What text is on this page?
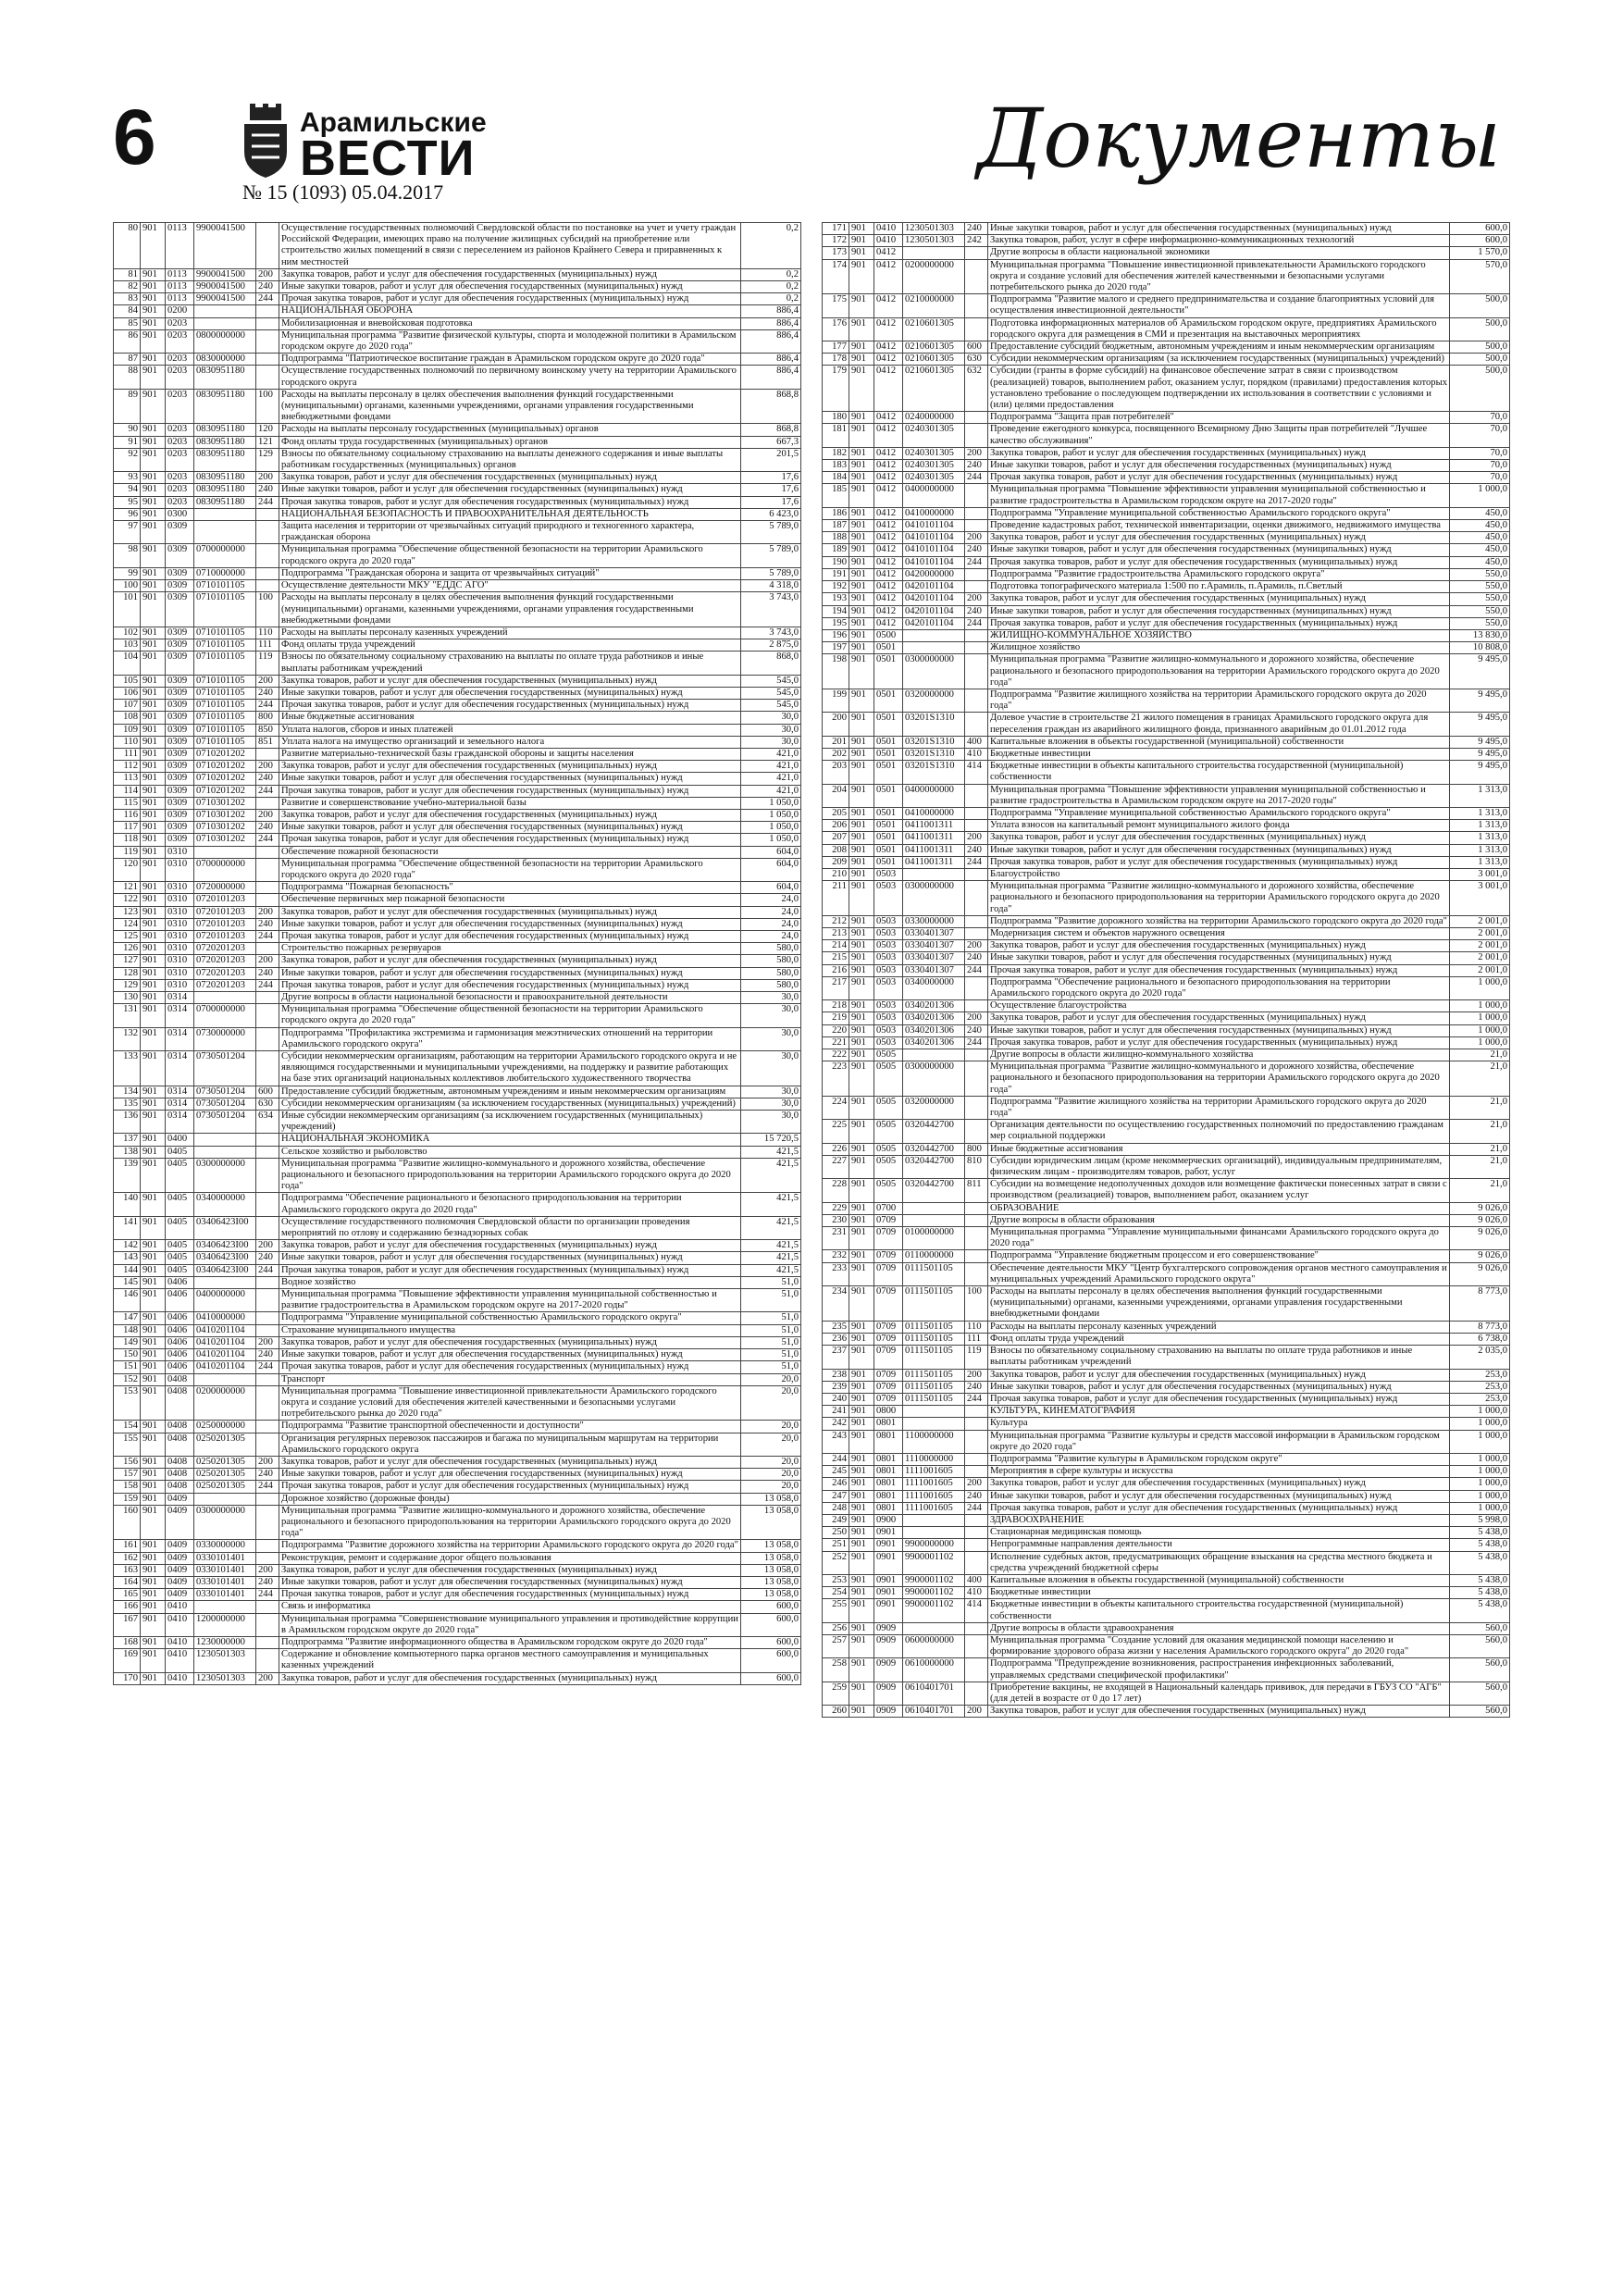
6	Арамильские
ВЕСТИ
№ 15 (1093) 05.04.2017
Документы
80	901	0113	9900041500		Осуществление государственных полномочий Свердловской области по постановке на учет и учету граждан Российской Федерации, имеющих право на получение жилищных субсидий на приобретение или строительство жилых помещений в связи с переселением из районов Крайнего Севера и приравненных к ним местностей	0,2
81	901	0113	9900041500	200	Закупка товаров, работ и услуг для обеспечения государственных (муниципальных) нужд	0,2
82	901	0113	9900041500	240	Иные закупки товаров, работ и услуг для обеспечения государственных (муниципальных) нужд	0,2
83	901	0113	9900041500	244	Прочая закупка товаров, работ и услуг для обеспечения государственных (муниципальных) нужд	0,2
84	901	0200			НАЦИОНАЛЬНАЯ ОБОРОНА	886,4
85	901	0203			Мобилизационная и вневойсковая подготовка	886,4
86	901	0203	0800000000		Муниципальная программа "Развитие физической культуры, спорта и молодежной политики в Арамильском городском округе до 2020 года"	886,4
87	901	0203	0830000000		Подпрограмма "Патриотическое воспитание граждан в Арамильском городском округе до 2020 года"	886,4
88	901	0203	0830951180		Осуществление государственных полномочий по первичному воинскому учету на территории Арамильского городского округа	886,4
89	901	0203	0830951180	100	Расходы на выплаты персоналу в целях обеспечения выполнения функций государственными (муниципальными) органами, казенными учреждениями, органами управления государственными внебюджетными фондами	868,8
90	901	0203	0830951180	120	Расходы на выплаты персоналу государственных (муниципальных) органов	868,8
91	901	0203	0830951180	121	Фонд оплаты труда государственных (муниципальных) органов	667,3
92	901	0203	0830951180	129	Взносы по обязательному социальному страхованию на выплаты денежного содержания и иные выплаты работникам государственных (муниципальных) органов	201,5
93	901	0203	0830951180	200	Закупка товаров, работ и услуг для обеспечения государственных (муниципальных) нужд	17,6
94	901	0203	0830951180	240	Иные закупки товаров, работ и услуг для обеспечения государственных (муниципальных) нужд	17,6
95	901	0203	0830951180	244	Прочая закупка товаров, работ и услуг для обеспечения государственных (муниципальных) нужд	17,6
96	901	0300			НАЦИОНАЛЬНАЯ БЕЗОПАСНОСТЬ И ПРАВООХРАНИТЕЛЬНАЯ ДЕЯТЕЛЬНОСТЬ	6 423,0
97	901	0309			Защита населения и территории от чрезвычайных ситуаций природного и техногенного характера, гражданская оборона	5 789,0
98	901	0309	0700000000		Муниципальная программа "Обеспечение общественной безопасности на территории Арамильского городского округа до 2020 года"	5 789,0
99	901	0309	0710000000		Подпрограмма "Гражданская оборона и защита от чрезвычайных ситуаций"	5 789,0
100	901	0309	0710101105		Осуществление деятельности МКУ "ЕДДС АГО"	4 318,0
101	901	0309	0710101105	100	Расходы на выплаты персоналу в целях обеспечения выполнения функций государственными (муниципальными) органами, казенными учреждениями, органами управления государственными внебюджетными фондами	3 743,0
102	901	0309	0710101105	110	Расходы на выплаты персоналу казенных учреждений	3 743,0
103	901	0309	0710101105	111	Фонд оплаты труда учреждений	2 875,0
104	901	0309	0710101105	119	Взносы по обязательному социальному страхованию на выплаты по оплате труда работников и иные выплаты работникам учреждений	868,0
105	901	0309	0710101105	200	Закупка товаров, работ и услуг для обеспечения государственных (муниципальных) нужд	545,0
106	901	0309	0710101105	240	Иные закупки товаров, работ и услуг для обеспечения государственных (муниципальных) нужд	545,0
107	901	0309	0710101105	244	Прочая закупка товаров, работ и услуг для обеспечения государственных (муниципальных) нужд	545,0
108	901	0309	0710101105	800	Иные бюджетные ассигнования	30,0
109	901	0309	0710101105	850	Уплата налогов, сборов и иных платежей	30,0
110	901	0309	0710101105	851	Уплата налога на имущество организаций и земельного налога	30,0
111	901	0309	0710201202		Развитие материально-технической базы гражданской обороны и защиты населения	421,0
112	901	0309	0710201202	200	Закупка товаров, работ и услуг для обеспечения государственных (муниципальных) нужд	421,0
113	901	0309	0710201202	240	Иные закупки товаров, работ и услуг для обеспечения государственных (муниципальных) нужд	421,0
114	901	0309	0710201202	244	Прочая закупка товаров, работ и услуг для обеспечения государственных (муниципальных) нужд	421,0
115	901	0309	0710301202		Развитие и совершенствование учебно-материальной базы	1 050,0
116	901	0309	0710301202	200	Закупка товаров, работ и услуг для обеспечения государственных (муниципальных) нужд	1 050,0
117	901	0309	0710301202	240	Иные закупки товаров, работ и услуг для обеспечения государственных (муниципальных) нужд	1 050,0
118	901	0309	0710301202	244	Прочая закупка товаров, работ и услуг для обеспечения государственных (муниципальных) нужд	1 050,0
119	901	0310			Обеспечение пожарной безопасности	604,0
120	901	0310	0700000000		Муниципальная программа "Обеспечение общественной безопасности на территории Арамильского городского округа до 2020 года"	604,0
121	901	0310	0720000000		Подпрограмма "Пожарная безопасность"	604,0
122	901	0310	0720101203		Обеспечение первичных мер пожарной безопасности	24,0
123	901	0310	0720101203	200	Закупка товаров, работ и услуг для обеспечения государственных (муниципальных) нужд	24,0
124	901	0310	0720101203	240	Иные закупки товаров, работ и услуг для обеспечения государственных (муниципальных) нужд	24,0
125	901	0310	0720101203	244	Прочая закупка товаров, работ и услуг для обеспечения государственных (муниципальных) нужд	24,0
126	901	0310	0720201203		Строительство пожарных резервуаров	580,0
127	901	0310	0720201203	200	Закупка товаров, работ и услуг для обеспечения государственных (муниципальных) нужд	580,0
128	901	0310	0720201203	240	Иные закупки товаров, работ и услуг для обеспечения государственных (муниципальных) нужд	580,0
129	901	0310	0720201203	244	Прочая закупка товаров, работ и услуг для обеспечения государственных (муниципальных) нужд	580,0
130	901	0314			Другие вопросы в области национальной безопасности и правоохранительной деятельности	30,0
131	901	0314	0700000000		Муниципальная программа "Обеспечение общественной безопасности на территории Арамильского городского округа до 2020 года"	30,0
132	901	0314	0730000000		Подпрограмма "Профилактика экстремизма и гармонизация межэтнических отношений на территории Арамильского городского округа"	30,0
133	901	0314	0730501204		Субсидии некоммерческим организациям, работающим на территории Арамильского городского округа и не являющимся государственными и муниципальными учреждениями, на поддержку и развитие работающих на базе этих организаций национальных коллективов любительского художественного творчества	30,0
134	901	0314	0730501204	600	Предоставление субсидий бюджетным, автономным учреждениям и иным некоммерческим организациям	30,0
135	901	0314	0730501204	630	Субсидии некоммерческим организациям (за исключением государственных (муниципальных) учреждений)	30,0
136	901	0314	0730501204	634	Иные субсидии некоммерческим организациям (за исключением государственных (муниципальных) учреждений)	30,0
137	901	0400			НАЦИОНАЛЬНАЯ ЭКОНОМИКА	15 720,5
138	901	0405			Сельское хозяйство и рыболовство	421,5
139	901	0405	0300000000		Муниципальная программа "Развитие жилищно-коммунального и дорожного хозяйства, обеспечение рационального и безопасного природопользования на территории Арамильского городского округа до 2020 года"	421,5
140	901	0405	0340000000		Подпрограмма "Обеспечение рационального и безопасного природопользования на территории Арамильского городского округа до 2020 года"	421,5
141	901	0405	03406423I00		Осуществление государственного полномочия Свердловской области по организации проведения мероприятий по отлову и содержанию безнадзорных собак	421,5
142	901	0405	03406423I00	200	Закупка товаров, работ и услуг для обеспечения государственных (муниципальных) нужд	421,5
143	901	0405	03406423I00	240	Иные закупки товаров, работ и услуг для обеспечения государственных (муниципальных) нужд	421,5
144	901	0405	03406423I00	244	Прочая закупка товаров, работ и услуг для обеспечения государственных (муниципальных) нужд	421,5
145	901	0406			Водное хозяйство	51,0
146	901	0406	0400000000		Муниципальная программа "Повышение эффективности управления муниципальной собственностью и развитие градостроительства в Арамильском городском округе на 2017-2020 годы"	51,0
147	901	0406	0410000000		Подпрограмма "Управление муниципальной собственностью Арамильского городского округа"	51,0
148	901	0406	0410201104		Страхование муниципального имущества	51,0
149	901	0406	0410201104	200	Закупка товаров, работ и услуг для обеспечения государственных (муниципальных) нужд	51,0
150	901	0406	0410201104	240	Иные закупки товаров, работ и услуг для обеспечения государственных (муниципальных) нужд	51,0
151	901	0406	0410201104	244	Прочая закупка товаров, работ и услуг для обеспечения государственных (муниципальных) нужд	51,0
152	901	0408			Транспорт	20,0
153	901	0408	0200000000		Муниципальная программа "Повышение инвестиционной привлекательности Арамильского городского округа и создание условий для обеспечения жителей качественными и безопасными услугами потребительского рынка до 2020 года"	20,0
154	901	0408	0250000000		Подпрограмма "Развитие транспортной обеспеченности и доступности"	20,0
155	901	0408	0250201305		Организация регулярных перевозок пассажиров и багажа по муниципальным маршрутам на территории Арамильского городского округа	20,0
156	901	0408	0250201305	200	Закупка товаров, работ и услуг для обеспечения государственных (муниципальных) нужд	20,0
157	901	0408	0250201305	240	Иные закупки товаров, работ и услуг для обеспечения государственных (муниципальных) нужд	20,0
158	901	0408	0250201305	244	Прочая закупка товаров, работ и услуг для обеспечения государственных (муниципальных) нужд	20,0
159	901	0409			Дорожное хозяйство (дорожные фонды)	13 058,0
160	901	0409	0300000000		Муниципальная программа "Развитие жилищно-коммунального и дорожного хозяйства, обеспечение рационального и безопасного природопользования на территории Арамильского городского округа до 2020 года"	13 058,0
161	901	0409	0330000000		Подпрограмма "Развитие дорожного хозяйства на территории Арамильского городского округа до 2020 года"	13 058,0
162	901	0409	0330101401		Реконструкция, ремонт и содержание дорог общего пользования	13 058,0
163	901	0409	0330101401	200	Закупка товаров, работ и услуг для обеспечения государственных (муниципальных) нужд	13 058,0
164	901	0409	0330101401	240	Иные закупки товаров, работ и услуг для обеспечения государственных (муниципальных) нужд	13 058,0
165	901	0409	0330101401	244	Прочая закупка товаров, работ и услуг для обеспечения государственных (муниципальных) нужд	13 058,0
166	901	0410			Связь и информатика	600,0
167	901	0410	1200000000		Муниципальная программа "Совершенствование муниципального управления и противодействие коррупции в Арамильском городском округе до 2020 года"	600,0
168	901	0410	1230000000		Подпрограмма "Развитие информационного общества в Арамильском городском округе до 2020 года"	600,0
169	901	0410	1230501303		Содержание и обновление компьютерного парка органов местного самоуправления и муниципальных казенных учреждений	600,0
170	901	0410	1230501303	200	Закупка товаров, работ и услуг для обеспечения государственных (муниципальных) нужд	600,0
171	901	0410	1230501303	240	Иные закупки товаров, работ и услуг для обеспечения государственных (муниципальных) нужд	600,0
172	901	0410	1230501303	242	Закупка товаров, работ, услуг в сфере информационно-коммуникационных технологий	600,0
173	901	0412			Другие вопросы в области национальной экономики	1 570,0
174	901	0412	0200000000		Муниципальная программа "Повышение инвестиционной привлекательности Арамильского городского округа и создание условий для обеспечения жителей качественными и безопасными услугами потребительского рынка до 2020 года"	570,0
175	901	0412	0210000000		Подпрограмма "Развитие малого и среднего предпринимательства и создание благоприятных условий для осуществления инвестиционной деятельности"	500,0
176	901	0412	0210601305		Подготовка информационных материалов об Арамильском городском округе, предприятиях Арамильского городского округа для размещения в СМИ и презентация на выставочных мероприятиях	500,0
177	901	0412	0210601305	600	Предоставление субсидий бюджетным, автономным учреждениям и иным некоммерческим организациям	500,0
178	901	0412	0210601305	630	Субсидии некоммерческим организациям (за исключением государственных (муниципальных) учреждений)	500,0
179	901	0412	0210601305	632	Субсидии (гранты в форме субсидий) на финансовое обеспечение затрат в связи с производством (реализацией) товаров, выполнением работ, оказанием услуг, порядком (правилами) предоставления которых установлено требование о последующем подтверждении их использования в соответствии с условиями и (или) целями предоставления	500,0
180	901	0412	0240000000		Подпрограмма "Защита прав потребителей"	70,0
181	901	0412	0240301305		Проведение ежегодного конкурса, посвященного Всемирному Дню Защиты прав потребителей "Лучшее качество обслуживания"	70,0
182	901	0412	0240301305	200	Закупка товаров, работ и услуг для обеспечения государственных (муниципальных) нужд	70,0
183	901	0412	0240301305	240	Иные закупки товаров, работ и услуг для обеспечения государственных (муниципальных) нужд	70,0
184	901	0412	0240301305	244	Прочая закупка товаров, работ и услуг для обеспечения государственных (муниципальных) нужд	70,0
185	901	0412	0400000000		Муниципальная программа "Повышение эффективности управления муниципальной собственностью и развитие градостроительства в Арамильском городском округе на 2017-2020 годы"	1 000,0
186	901	0412	0410000000		Подпрограмма "Управление муниципальной собственностью Арамильского городского округа"	450,0
187	901	0412	0410101104		Проведение кадастровых работ, технической инвентаризации, оценки движимого, недвижимого имущества	450,0
188	901	0412	0410101104	200	Закупка товаров, работ и услуг для обеспечения государственных (муниципальных) нужд	450,0
189	901	0412	0410101104	240	Иные закупки товаров, работ и услуг для обеспечения государственных (муниципальных) нужд	450,0
190	901	0412	0410101104	244	Прочая закупка товаров, работ и услуг для обеспечения государственных (муниципальных) нужд	450,0
191	901	0412	0420000000		Подпрограмма "Развитие градостроительства Арамильского городского округа"	550,0
192	901	0412	0420101104		Подготовка топографического материала 1:500 по г.Арамиль, п.Арамиль, п.Светлый	550,0
193	901	0412	0420101104	200	Закупка товаров, работ и услуг для обеспечения государственных (муниципальных) нужд	550,0
194	901	0412	0420101104	240	Иные закупки товаров, работ и услуг для обеспечения государственных (муниципальных) нужд	550,0
195	901	0412	0420101104	244	Прочая закупка товаров, работ и услуг для обеспечения государственных (муниципальных) нужд	550,0
196	901	0500			ЖИЛИЩНО-КОММУНАЛЬНОЕ ХОЗЯЙСТВО	13 830,0
197	901	0501			Жилищное хозяйство	10 808,0
198	901	0501	0300000000		Муниципальная программа "Развитие жилищно-коммунального и дорожного хозяйства, обеспечение рационального и безопасного природопользования на территории Арамильского городского округа до 2020 года"	9 495,0
199	901	0501	0320000000		Подпрограмма "Развитие жилищного хозяйства на территории Арамильского городского округа до 2020 года"	9 495,0
200	901	0501	03201S1310		Долевое участие в строительстве 21 жилого помещения в границах Арамильского городского округа для переселения граждан из аварийного жилищного фонда, признанного аварийным до 01.01.2012 года	9 495,0
201	901	0501	03201S1310	400	Капитальные вложения в объекты государственной (муниципальной) собственности	9 495,0
202	901	0501	03201S1310	410	Бюджетные инвестиции	9 495,0
203	901	0501	03201S1310	414	Бюджетные инвестиции в объекты капитального строительства государственной (муниципальной) собственности	9 495,0
204	901	0501	0400000000		Муниципальная программа "Повышение эффективности управления муниципальной собственностью и развитие градостроительства в Арамильском городском округе на 2017-2020 годы"	1 313,0
205	901	0501	0410000000		Подпрограмма "Управление муниципальной собственностью Арамильского городского округа"	1 313,0
206	901	0501	0411001311		Уплата взносов на капитальный ремонт муниципального жилого фонда	1 313,0
207	901	0501	0411001311	200	Закупка товаров, работ и услуг для обеспечения государственных (муниципальных) нужд	1 313,0
208	901	0501	0411001311	240	Иные закупки товаров, работ и услуг для обеспечения государственных (муниципальных) нужд	1 313,0
209	901	0501	0411001311	244	Прочая закупка товаров, работ и услуг для обеспечения государственных (муниципальных) нужд	1 313,0
210	901	0503			Благоустройство	3 001,0
211	901	0503	0300000000		Муниципальная программа "Развитие жилищно-коммунального и дорожного хозяйства, обеспечение рационального и безопасного природопользования на территории Арамильского городского округа до 2020 года"	3 001,0
212	901	0503	0330000000		Подпрограмма "Развитие дорожного хозяйства на территории Арамильского городского округа до 2020 года"	2 001,0
213	901	0503	0330401307		Модернизация систем и объектов наружного освещения	2 001,0
214	901	0503	0330401307	200	Закупка товаров, работ и услуг для обеспечения государственных (муниципальных) нужд	2 001,0
215	901	0503	0330401307	240	Иные закупки товаров, работ и услуг для обеспечения государственных (муниципальных) нужд	2 001,0
216	901	0503	0330401307	244	Прочая закупка товаров, работ и услуг для обеспечения государственных (муниципальных) нужд	2 001,0
217	901	0503	0340000000		Подпрограмма "Обеспечение рационального и безопасного природопользования на территории Арамильского городского округа до 2020 года"	1 000,0
218	901	0503	0340201306		Осуществление благоустройства	1 000,0
219	901	0503	0340201306	200	Закупка товаров, работ и услуг для обеспечения государственных (муниципальных) нужд	1 000,0
220	901	0503	0340201306	240	Иные закупки товаров, работ и услуг для обеспечения государственных (муниципальных) нужд	1 000,0
221	901	0503	0340201306	244	Прочая закупка товаров, работ и услуг для обеспечения государственных (муниципальных) нужд	1 000,0
222	901	0505			Другие вопросы в области жилищно-коммунального хозяйства	21,0
223	901	0505	0300000000		Муниципальная программа "Развитие жилищно-коммунального и дорожного хозяйства, обеспечение рационального и безопасного природопользования на территории Арамильского городского округа до 2020 года"	21,0
224	901	0505	0320000000		Подпрограмма "Развитие жилищного хозяйства на территории Арамильского городского округа до 2020 года"	21,0
225	901	0505	0320442700		Организация деятельности по осуществлению государственных полномочий по предоставлению гражданам мер социальной поддержки	21,0
226	901	0505	0320442700	800	Иные бюджетные ассигнования	21,0
227	901	0505	0320442700	810	Субсидии юридическим лицам (кроме некоммерческих организаций), индивидуальным предпринимателям, физическим лицам - производителям товаров, работ, услуг	21,0
228	901	0505	0320442700	811	Субсидии на возмещение недополученных доходов или возмещение фактически понесенных затрат в связи с производством (реализацией) товаров, выполнением работ, оказанием услуг	21,0
229	901	0700			ОБРАЗОВАНИЕ	9 026,0
230	901	0709			Другие вопросы в области образования	9 026,0
231	901	0709	0100000000		Муниципальная программа "Управление муниципальными финансами Арамильского городского округа до 2020 года"	9 026,0
232	901	0709	0110000000		Подпрограмма "Управление бюджетным процессом и его совершенствование"	9 026,0
233	901	0709	0111501105		Обеспечение деятельности МКУ "Центр бухгалтерского сопровождения органов местного самоуправления и муниципальных учреждений Арамильского городского округа"	9 026,0
234	901	0709	0111501105	100	Расходы на выплаты персоналу в целях обеспечения выполнения функций государственными (муниципальными) органами, казенными учреждениями, органами управления государственными внебюджетными фондами	8 773,0
235	901	0709	0111501105	110	Расходы на выплаты персоналу казенных учреждений	8 773,0
236	901	0709	0111501105	111	Фонд оплаты труда учреждений	6 738,0
237	901	0709	0111501105	119	Взносы по обязательному социальному страхованию на выплаты по оплате труда работников и иные выплаты работникам учреждений	2 035,0
238	901	0709	0111501105	200	Закупка товаров, работ и услуг для обеспечения государственных (муниципальных) нужд	253,0
239	901	0709	0111501105	240	Иные закупки товаров, работ и услуг для обеспечения государственных (муниципальных) нужд	253,0
240	901	0709	0111501105	244	Прочая закупка товаров, работ и услуг для обеспечения государственных (муниципальных) нужд	253,0
241	901	0800			КУЛЬТУРА, КИНЕМАТОГРАФИЯ	1 000,0
242	901	0801			Культура	1 000,0
243	901	0801	1100000000		Муниципальная программа "Развитие культуры и средств массовой информации в Арамильском городском округе до 2020 года"	1 000,0
244	901	0801	1110000000		Подпрограмма "Развитие культуры в Арамильском городском округе"	1 000,0
245	901	0801	1111001605		Мероприятия в сфере культуры и искусства	1 000,0
246	901	0801	1111001605	200	Закупка товаров, работ и услуг для обеспечения государственных (муниципальных) нужд	1 000,0
247	901	0801	1111001605	240	Иные закупки товаров, работ и услуг для обеспечения государственных (муниципальных) нужд	1 000,0
248	901	0801	1111001605	244	Прочая закупка товаров, работ и услуг для обеспечения государственных (муниципальных) нужд	1 000,0
249	901	0900			ЗДРАВООХРАНЕНИЕ	5 998,0
250	901	0901			Стационарная медицинская помощь	5 438,0
251	901	0901	9900000000		Непрограммные направления деятельности	5 438,0
252	901	0901	9900001102		Исполнение судебных актов, предусматривающих обращение взыскания на средства местного бюджета и средства учреждений бюджетной сферы	5 438,0
253	901	0901	9900001102	400	Капитальные вложения в объекты государственной (муниципальной) собственности	5 438,0
254	901	0901	9900001102	410	Бюджетные инвестиции	5 438,0
255	901	0901	9900001102	414	Бюджетные инвестиции в объекты капитального строительства государственной (муниципальной) собственности	5 438,0
256	901	0909			Другие вопросы в области здравоохранения	560,0
257	901	0909	0600000000		Муниципальная программа "Создание условий для оказания медицинской помощи населению и формирование здорового образа жизни у населения Арамильского городского округа" до 2020 года"	560,0
258	901	0909	0610000000		Подпрограмма "Предупреждение возникновения, распространения инфекционных заболеваний, управляемых средствами специфической профилактики"	560,0
259	901	0909	0610401701		Приобретение вакцины, не входящей в Национальный календарь прививок, для передачи в ГБУЗ СО "АГБ" (для детей в возрасте от 0 до 17 лет)	560,0
260	901	0909	0610401701	200	Закупка товаров, работ и услуг для обеспечения государственных (муниципальных) нужд	560,0
